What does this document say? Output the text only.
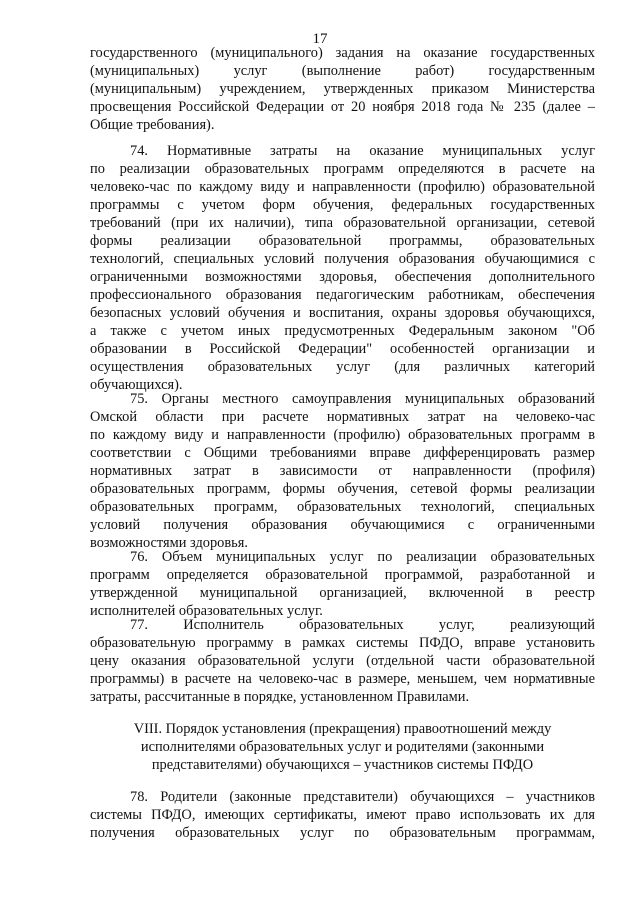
17
государственного (муниципального) задания на оказание государственных
(муниципальных) услуг (выполнение работ) государственным
(муниципальным) учреждением, утвержденных приказом Министерства
просвещения Российской Федерации от 20 ноября 2018 года № 235 (далее –
Общие требования).
74. Нормативные затраты на оказание муниципальных услуг
по реализации образовательных программ определяются в расчете на
человеко-час по каждому виду и направленности (профилю) образовательной
программы с учетом форм обучения, федеральных государственных
требований (при их наличии), типа образовательной организации, сетевой
формы реализации образовательной программы, образовательных
технологий, специальных условий получения образования обучающимися с
ограниченными возможностями здоровья, обеспечения дополнительного
профессионального образования педагогическим работникам, обеспечения
безопасных условий обучения и воспитания, охраны здоровья обучающихся,
а также с учетом иных предусмотренных Федеральным законом "Об
образовании в Российской Федерации" особенностей организации и
осуществления образовательных услуг (для различных категорий
обучающихся).
75. Органы местного самоуправления муниципальных образований
Омской области при расчете нормативных затрат на человеко-час
по каждому виду и направленности (профилю) образовательных программ в
соответствии с Общими требованиями вправе дифференцировать размер
нормативных затрат в зависимости от направленности (профиля)
образовательных программ, формы обучения, сетевой формы реализации
образовательных программ, образовательных технологий, специальных
условий получения образования обучающимися с ограниченными
возможностями здоровья.
76. Объем муниципальных услуг по реализации образовательных
программ определяется образовательной программой, разработанной и
утвержденной муниципальной организацией, включенной в реестр
исполнителей образовательных услуг.
77. Исполнитель образовательных услуг, реализующий
образовательную программу в рамках системы ПФДО, вправе установить
цену оказания образовательной услуги (отдельной части образовательной
программы) в расчете на человеко-час в размере, меньшем, чем нормативные
затраты, рассчитанные в порядке, установленном Правилами.
VIII. Порядок установления (прекращения) правоотношений между
исполнителями образовательных услуг и родителями (законными
представителями) обучающихся – участников системы ПФДО
78. Родители (законные представители) обучающихся – участников
системы ПФДО, имеющих сертификаты, имеют право использовать их для
получения образовательных услуг по образовательным программам,
